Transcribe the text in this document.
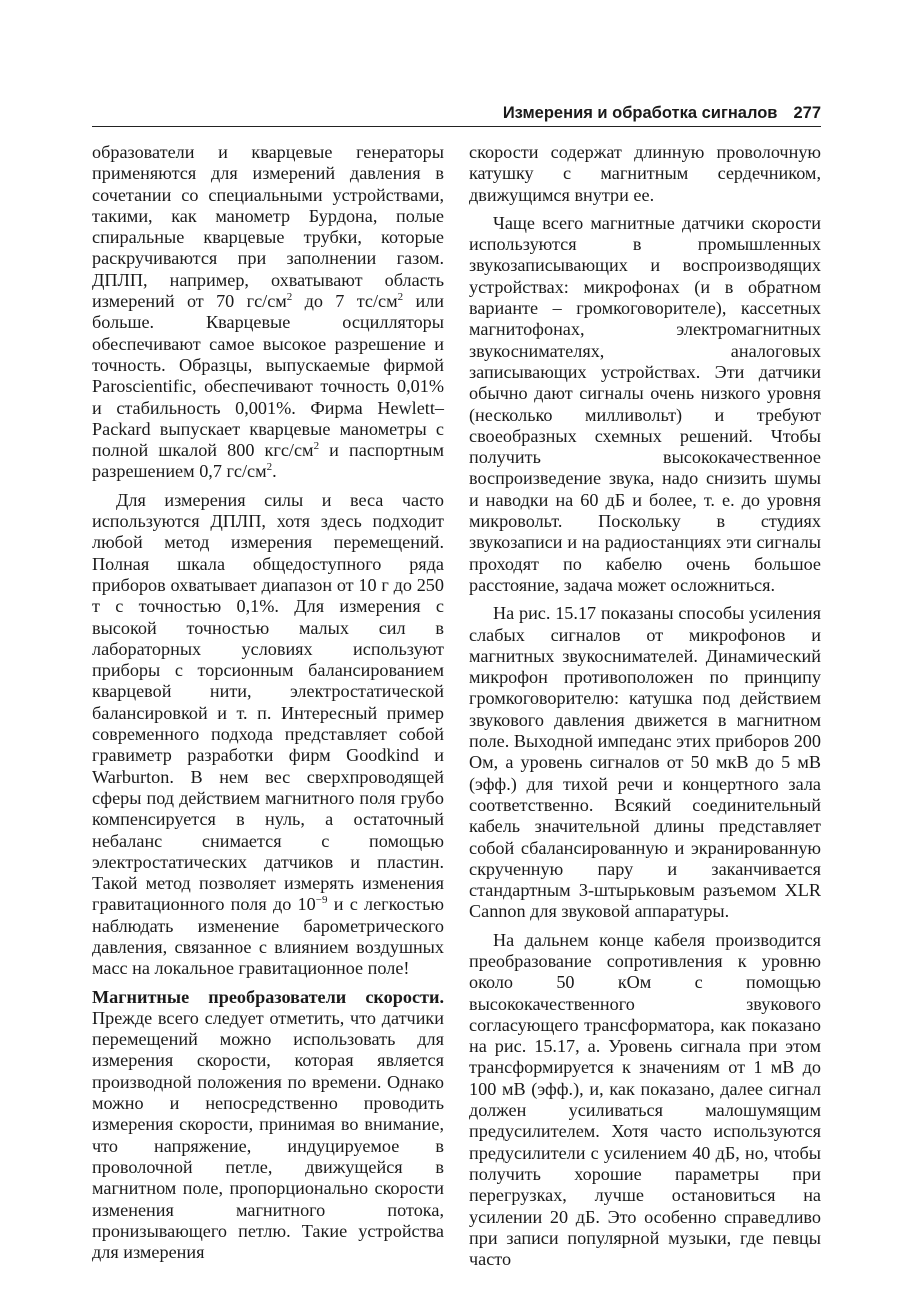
Измерения и обработка сигналов 277

образователи и кварцевые генераторы применяются для измерений давления в сочетании со специальными устройствами, такими, как манометр Бурдона, полые спиральные кварцевые трубки, которые раскручиваются при заполнении газом. ДПЛП, например, охватывают область измерений от 70 $гс/см^2$ до 7 $тс/см^2$ или больше. Кварцевые осцилляторы обеспечивают самое высокое разрешение и точность. Образцы, выпускаемые фирмой Paroscientific, обеспечивают точность 0,01% и стабильность 0,001%. Фирма Hewlett–Packard выпускает кварцевые манометры с полной шкалой 800 кгс/$см^2$ и паспортным разрешением 0,7 $гс/см^2$.

Для измерения силы и веса часто используются ДПЛП, хотя здесь подходит любой метод измерения перемещений. Полная шкала общедоступного ряда приборов охватывает диапазон от 10 г до 250 т с точностью 0,1%. Для измерения с высокой точностью малых сил в лабораторных условиях используют приборы с торсионным балансированием кварцевой нити, электростатической балансировкой и т. п. Интересный пример современного подхода представляет собой гравиметр разработки фирм Goodkind и Warburton. В нем вес сверхпроводящей сферы под действием магнитного поля грубо компенсируется в нуль, а остаточный небаланс снимается с помощью электростатических датчиков и пластин. Такой метод позволяет измерять изменения гравитационного поля до $10^{-9}$ и с легкостью наблюдать изменение барометрического давления, связанное с влиянием воздушных масс на локальное гравитационное поле!

Магнитные преобразователи скорости. Прежде всего следует отметить, что датчики перемещений можно использовать для измерения скорости, которая является производной положения по времени. Однако можно и непосредственно проводить измерения скорости, принимая во внимание, что напряжение, индуцируемое в проволочной петле, движущейся в магнитном поле, пропорционально скорости изменения магнитного потока, пронизывающего петлю. Такие устройства для измерения

скорости содержат длинную проволочную катушку с магнитным сердечником, движущимся внутри ее.

Чаще всего магнитные датчики скорости используются в промышленных звукозаписывающих и воспроизводящих устройствах: микрофонах (и в обратном варианте – громкоговорителе), кассетных магнитофонах, электромагнитных звукоснимателях, аналоговых записывающих устройствах. Эти датчики обычно дают сигналы очень низкого уровня (несколько милливольт) и требуют своеобразных схемных решений. Чтобы получить высококачественное воспроизведение звука, надо снизить шумы и наводки на 60 дБ и более, т. е. до уровня микровольт. Поскольку в студиях звукозаписи и на радиостанциях эти сигналы проходят по кабелю очень большое расстояние, задача может осложниться.

На рис. 15.17 показаны способы усиления слабых сигналов от микрофонов и магнитных звукоснимателей. Динамический микрофон противоположен по принципу громкоговорителю: катушка под действием звукового давления движется в магнитном поле. Выходной импеданс этих приборов 200 Ом, а уровень сигналов от 50 мкВ до 5 мВ (эфф.) для тихой речи и концертного зала соответственно. Всякий соединительный кабель значительной длины представляет собой сбалансированную и экранированную скрученную пару и заканчивается стандартным 3-штырьковым разъемом XLR Cannon для звуковой аппаратуры.

На дальнем конце кабеля производится преобразование сопротивления к уровню около 50 кОм с помощью высококачественного звукового согласующего трансформатора, как показано на рис. 15.17, а. Уровень сигнала при этом трансформируется к значениям от 1 мВ до 100 мВ (эфф.), и, как показано, далее сигнал должен усиливаться малошумящим предусилителем. Хотя часто используются предусилители с усилением 40 дБ, но, чтобы получить хорошие параметры при перегрузках, лучше остановиться на усилении 20 дБ. Это особенно справедливо при записи популярной музыки, где певцы часто
